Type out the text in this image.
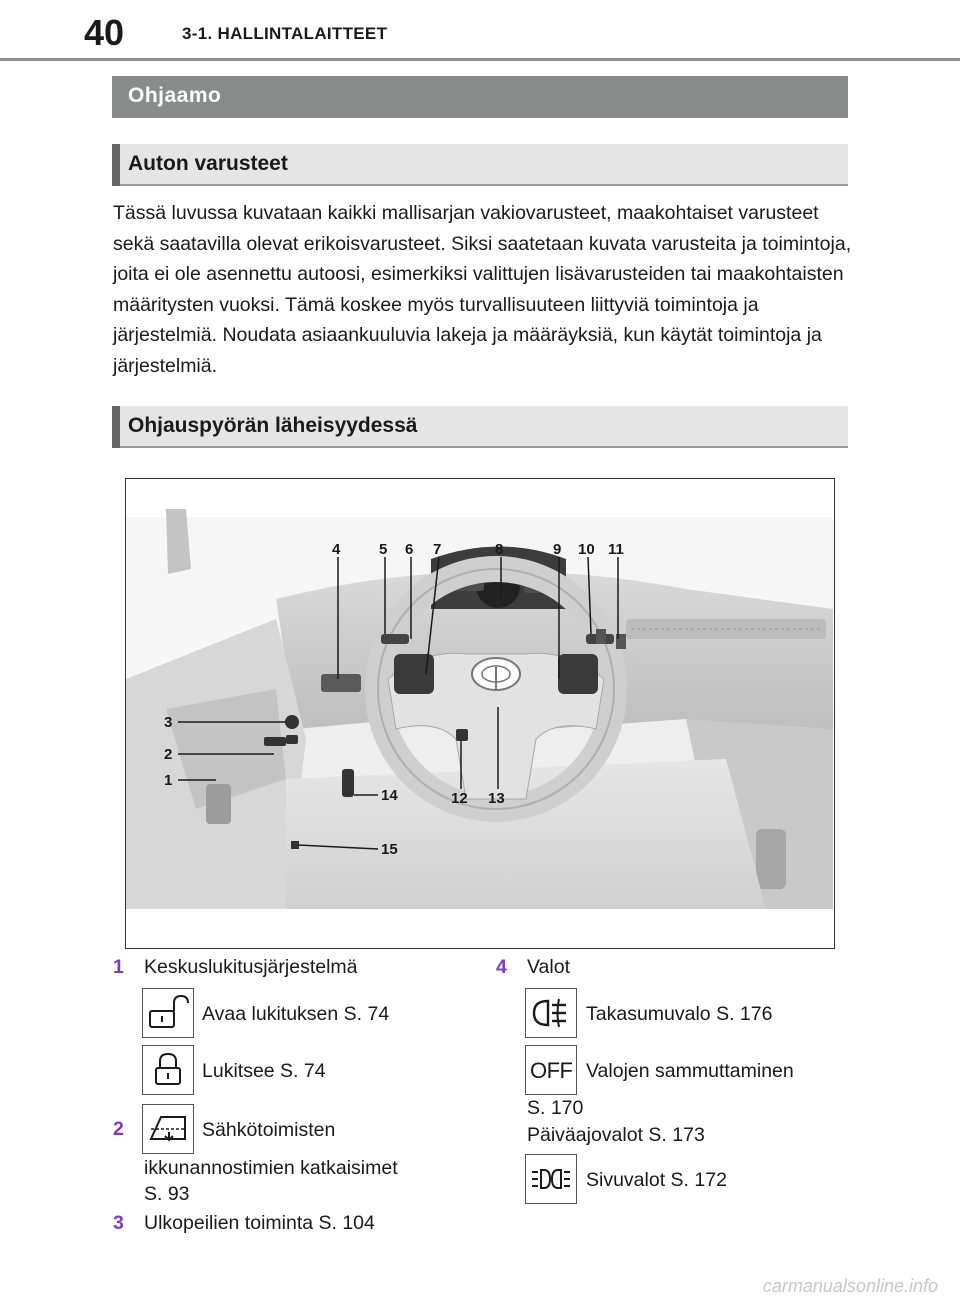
40	3-1. HALLINTALAITTEET
Ohjaamo
Auton varusteet

Tässä luvussa kuvataan kaikki mallisarjan vakiovarusteet, maakohtaiset varusteet sekä saatavilla olevat erikoisvarusteet. Siksi saatetaan kuvata varusteita ja toimintoja, joita ei ole asennettu autoosi, esimerkiksi valittujen lisävarusteiden tai maakohtaisten määritysten vuoksi. Tämä koskee myös turvallisuuteen liittyviä toimintoja ja järjestelmiä. Noudata asiaankuuluvia lakeja ja määräyksiä, kun käytät toimintoja ja järjestelmiä.

Ohjauspyörän läheisyydessä
4	5 6 7	8	9 10 11
3
2
1
14	12 13
15
1 Keskuslukitusjärjestelmä
Avaa lukituksen S. 74
Lukitsee S. 74
2	Sähkötoimisten
ikkunannostimien katkaisimet
S. 93
3 Ulkopeilien toiminta S. 104
4 Valot
Takasumuvalo S. 176
OFF Valojen sammuttaminen
S. 170
Päiväajovalot S. 173
Sivuvalot S. 172
carmanualsonline.info
